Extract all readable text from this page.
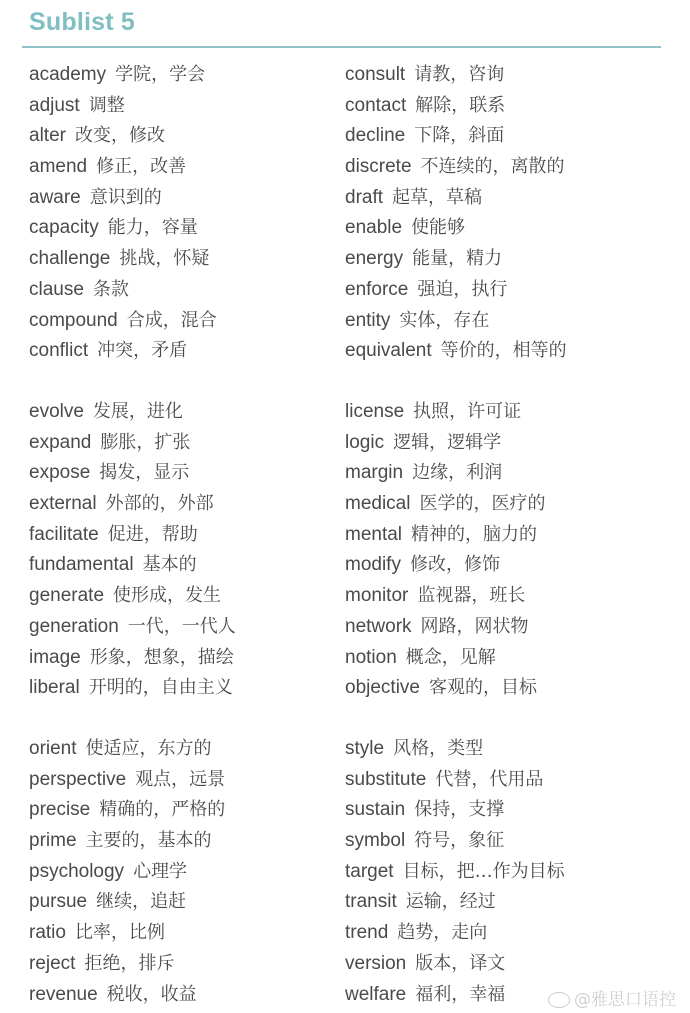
Sublist 5
academy 学院，学会	consult 请教，咨询
adjust 调整	contact 解除，联系
alter 改变，修改	decline 下降，斜面
amend 修正，改善	discrete 不连续的，离散的
aware 意识到的	draft 起草，草稿
capacity 能力，容量	enable 使能够
challenge 挑战，怀疑	energy 能量，精力
clause 条款	enforce 强迫，执行
compound 合成，混合	entity 实体，存在
conflict 冲突，矛盾	equivalent 等价的，相等的
evolve 发展，进化	license 执照，许可证
expand 膨胀，扩张	logic 逻辑，逻辑学
expose 揭发，显示	margin 边缘，利润
external 外部的，外部	medical 医学的，医疗的
facilitate 促进，帮助	mental 精神的，脑力的
fundamental 基本的	modify 修改，修饰
generate 使形成，发生	monitor 监视器，班长
generation 一代，一代人	network 网路，网状物
image 形象，想象，描绘	notion 概念，见解
liberal 开明的，自由主义	objective 客观的，目标
orient 使适应，东方的	style 风格，类型
perspective 观点，远景	substitute 代替，代用品
precise 精确的，严格的	sustain 保持，支撑
prime 主要的，基本的	symbol 符号，象征
psychology 心理学	target 目标，把…作为目标
pursue 继续，追赶	transit 运输，经过
ratio 比率，比例	trend 趋势，走向
reject 拒绝，排斥	version 版本，译文
revenue 税收，收益	welfare 福利，幸福	@雅思口语控
